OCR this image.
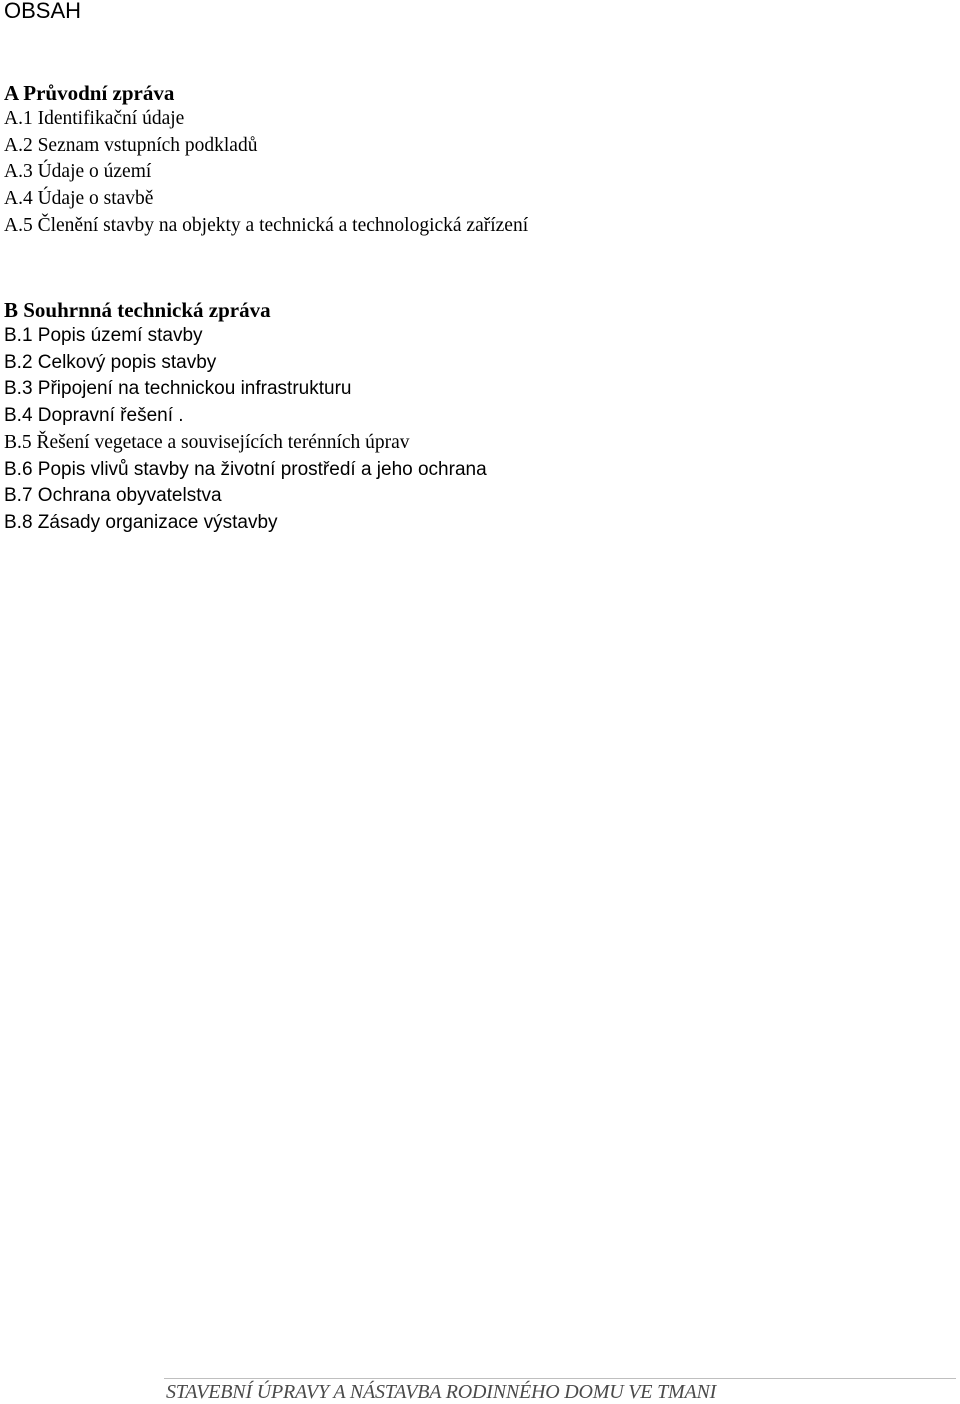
OBSAH

A Průvodní zpráva

A.1 Identifikační údaje

A.2 Seznam vstupních podkladů

A.3 Údaje o území

A.4 Údaje o stavbě

A.5 Členění stavby na objekty a technická a technologická zařízení

B Souhrnná technická zpráva

B.1 Popis území stavby

B.2 Celkový popis stavby

B.3 Připojení na technickou infrastrukturu

B.4 Dopravní řešení .

B.5 Řešení vegetace a souvisejících terénních úprav

B.6 Popis vlivů stavby na životní prostředí a jeho ochrana

B.7 Ochrana obyvatelstva

B.8 Zásady organizace výstavby

STAVEBNÍ ÚPRAVY A NÁSTAVBA RODINNÉHO DOMU VE TMANI
